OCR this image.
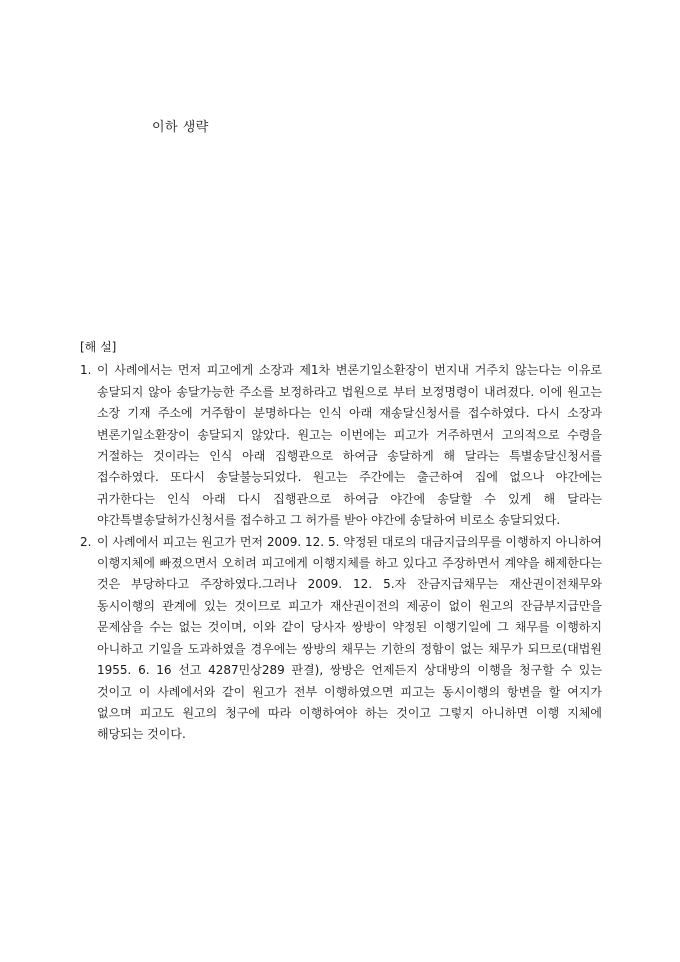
이하 생략
[해 설]
1. 이 사례에서는 먼저 피고에게 소장과 제1차 변론기일소환장이 번지내 거주치 않는다는 이유로 송달되지 않아 송달가능한 주소를 보정하라고 법원으로 부터 보정명령이 내려졌다. 이에 원고는 소장 기재 주소에 거주함이 분명하다는 인식 아래 재송달신청서를 접수하였다. 다시 소장과 변론기일소환장이 송달되지 않았다. 원고는 이번에는 피고가 거주하면서 고의적으로 수령을 거절하는 것이라는 인식 아래 집행관으로 하여금 송달하게 해 달라는 특별송달신청서를 접수하였다. 또다시 송달불능되었다. 원고는 주간에는 출근하여 집에 없으나 야간에는 귀가한다는 인식 아래 다시 집행관으로 하여금 야간에 송달할 수 있게 해 달라는 야간특별송달허가신청서를 접수하고 그 허가를 받아 야간에 송달하여 비로소 송달되었다.
2. 이 사례에서 피고는 원고가 먼저 2009. 12. 5. 약정된 대로의 대금지급의무를 이행하지 아니하여 이행지체에 빠졌으면서 오히려 피고에게 이행지체를 하고 있다고 주장하면서 계약을 해제한다는 것은 부당하다고 주장하였다.그러나 2009. 12. 5.자 잔금지급채무는 재산권이전채무와 동시이행의 관계에 있는 것이므로 피고가 재산권이전의 제공이 없이 원고의 잔금부지급만을 문제삼을 수는 없는 것이며, 이와 같이 당사자 쌍방이 약정된 이행기일에 그 채무를 이행하지 아니하고 기일을 도과하였을 경우에는 쌍방의 채무는 기한의 정함이 없는 채무가 되므로(대법원 1955. 6. 16 선고 4287민상289 판결), 쌍방은 언제든지 상대방의 이행을 청구할 수 있는 것이고 이 사례에서와 같이 원고가 전부 이행하였으면 피고는 동시이행의 항변을 할 여지가 없으며 피고도 원고의 청구에 따라 이행하여야 하는 것이고 그렇지 아니하면 이행 지체에 해당되는 것이다.
